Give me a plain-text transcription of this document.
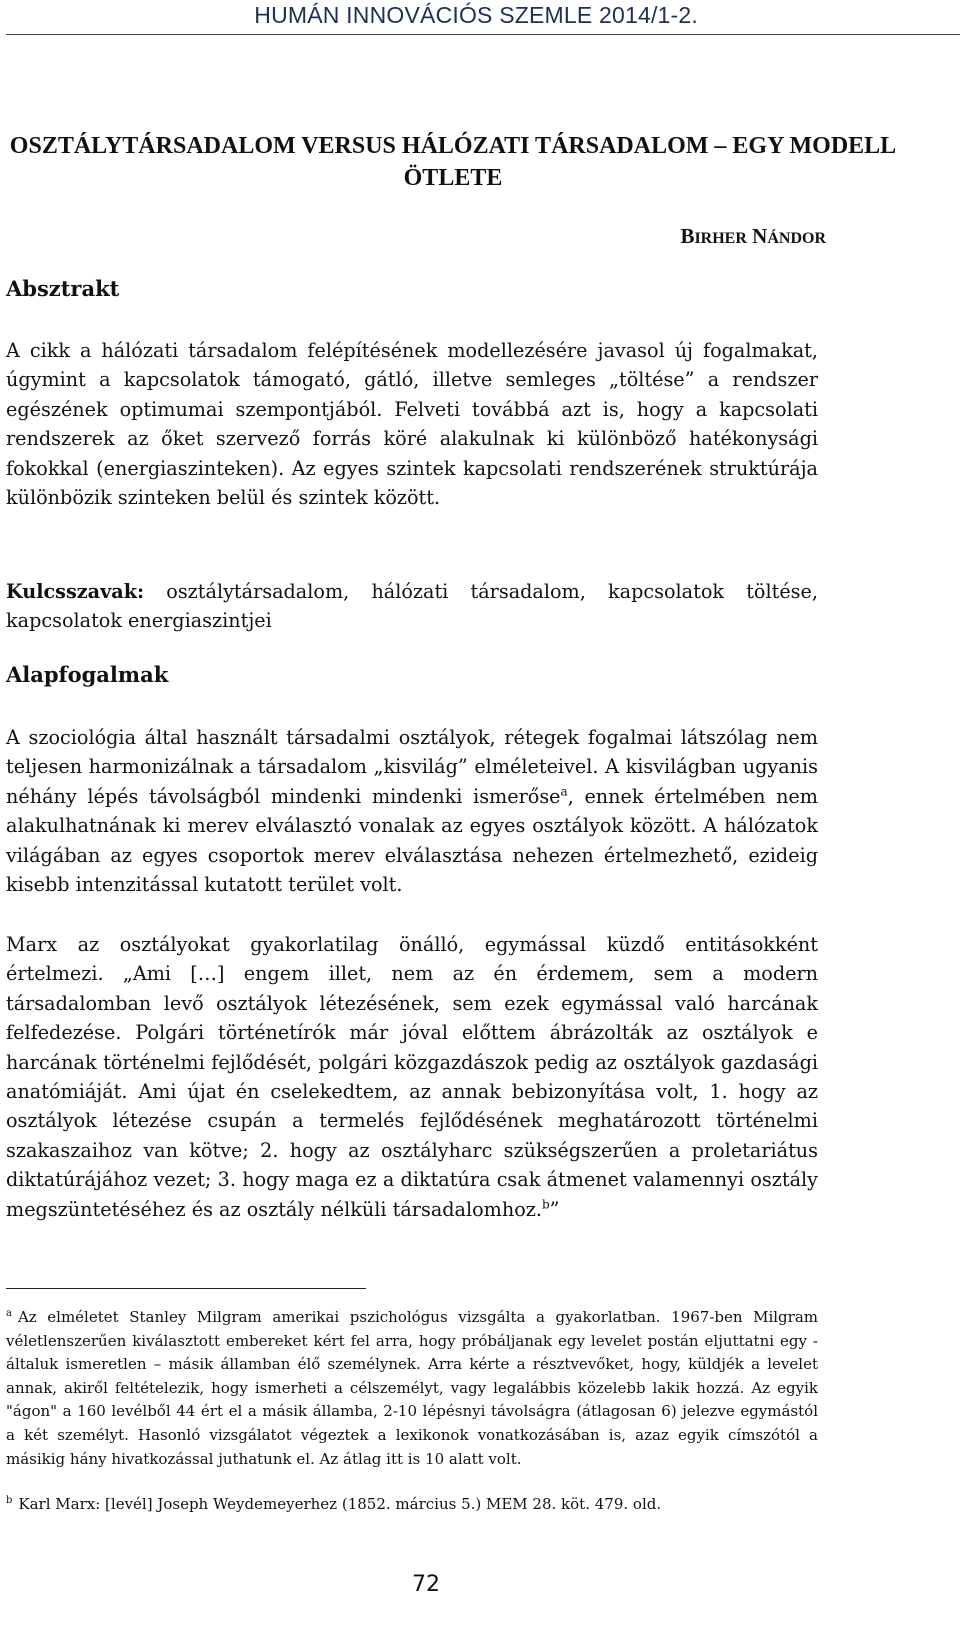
HUMÁN INNOVÁCIÓS SZEMLE 2014/1-2.
OSZTÁLYTÁRSADALOM VERSUS HÁLÓZATI TÁRSADALOM – EGY MODELL
ÖTLETE
BIRHER NÁNDOR
Absztrakt

A cikk a hálózati társadalom felépítésének modellezésére javasol új fogalmakat, úgymint a kapcsolatok támogató, gátló, illetve semleges „töltése” a rendszer egészének optimumai szempontjából. Felveti továbbá azt is, hogy a kapcsolati rendszerek az őket szervező forrás köré alakulnak ki különböző hatékonysági fokokkal (energiaszinteken). Az egyes szintek kapcsolati rendszerének struktúrája különbözik szinteken belül és szintek között.

Kulcsszavak: osztálytársadalom, hálózati társadalom, kapcsolatok töltése, kapcsolatok energiaszintjei

Alapfogalmak

A szociológia által használt társadalmi osztályok, rétegek fogalmai látszólag nem teljesen harmonizálnak a társadalom „kisvilág” elméleteivel. A kisvilágban ugyanis néhány lépés távolságból mindenki mindenki ismerőse$^a$, ennek értelmében nem alakulhatnának ki merev elválasztó vonalak az egyes osztályok között. A hálózatok világában az egyes csoportok merev elválasztása nehezen értelmezhető, ezideig kisebb intenzitással kutatott terület volt.

Marx az osztályokat gyakorlatilag önálló, egymással küzdő entitásokként értelmezi. „Ami […] engem illet, nem az én érdemem, sem a modern társadalomban levő osztályok létezésének, sem ezek egymással való harcának felfedezése. Polgári történetírók már jóval előttem ábrázolták az osztályok e harcának történelmi fejlődését, polgári közgazdászok pedig az osztályok gazdasági anatómiáját. Ami újat én cselekedtem, az annak bebizonyítása volt, 1. hogy az osztályok létezése csupán a termelés fejlődésének meghatározott történelmi szakaszaihoz van kötve; 2. hogy az osztályharc szükségszerűen a proletariátus diktatúrájához vezet; 3. hogy maga ez a diktatúra csak átmenet valamennyi osztály megszüntetéséhez és az osztály nélküli társadalomhoz.$^b$”

$^a$ Az elméletet Stanley Milgram amerikai pszichológus vizsgálta a gyakorlatban. 1967-ben Milgram véletlenszerűen kiválasztott embereket kért fel arra, hogy próbáljanak egy levelet postán eljuttatni egy - általuk ismeretlen – másik államban élő személynek. Arra kérte a résztvevőket, hogy, küldjék a levelet annak, akiről feltételezik, hogy ismerheti a célszemélyt, vagy legalábbis közelebb lakik hozzá. Az egyik "ágon" a 160 levélből 44 ért el a másik államba, 2-10 lépésnyi távolságra (átlagosan 6) jelezve egymástól a két személyt. Hasonló vizsgálatot végeztek a lexikonok vonatkozásában is, azaz egyik címszótól a másikig hány hivatkozással juthatunk el. Az átlag itt is 10 alatt volt.

$^b$ Karl Marx: [levél] Joseph Weydemeyerhez (1852. március 5.) MEM 28. köt. 479. old.

72
